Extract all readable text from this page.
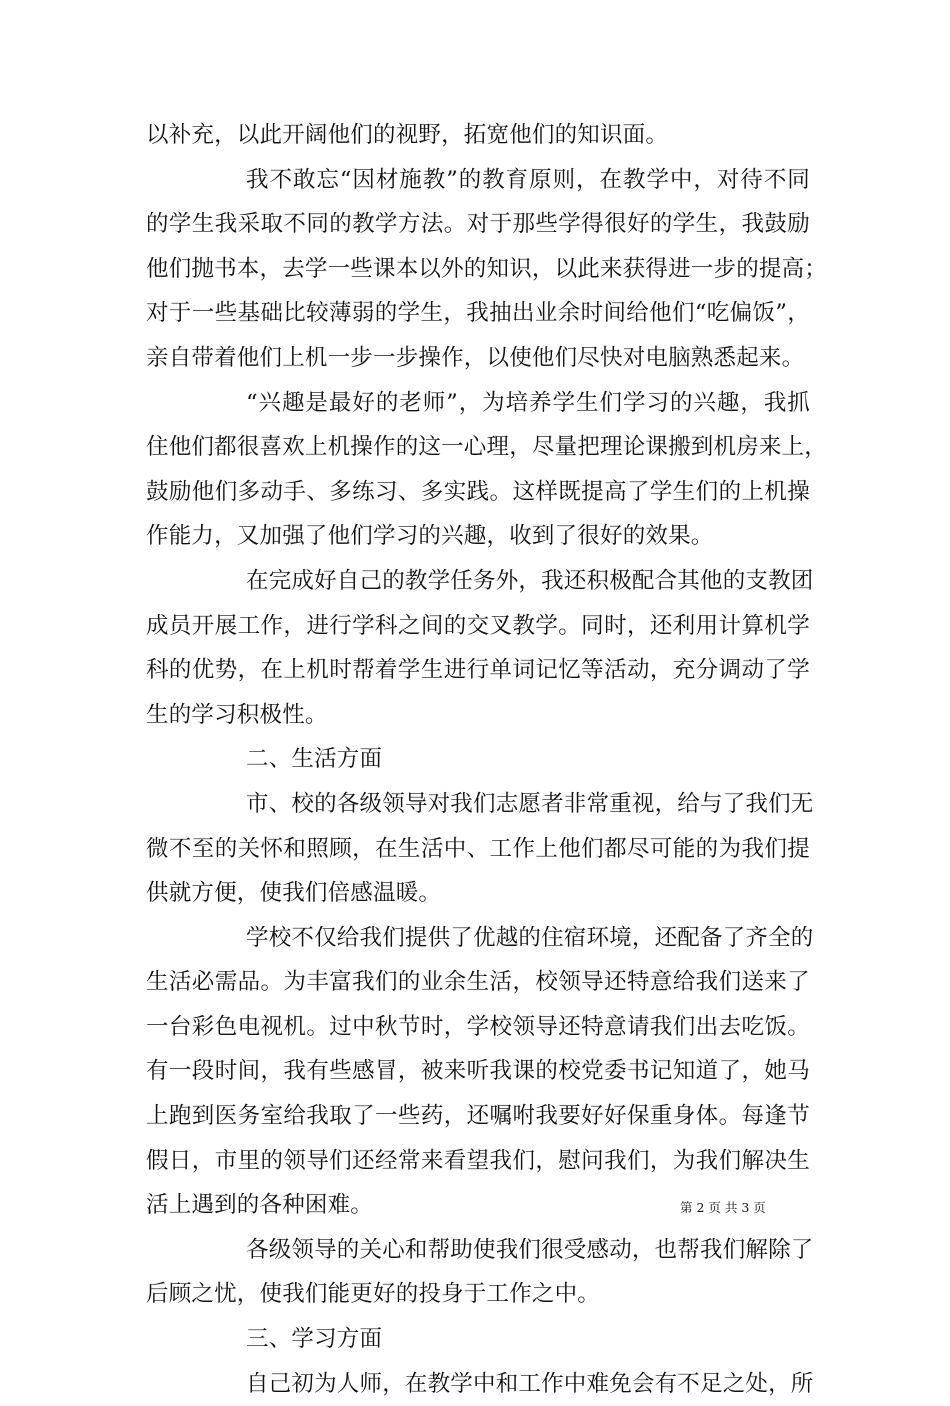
以补充，以此开阔他们的视野，拓宽他们的知识面。
我不敢忘“因材施教”的教育原则，在教学中，对待不同
的学生我采取不同的教学方法。对于那些学得很好的学生，我鼓励
他们抛书本，去学一些课本以外的知识，以此来获得进一步的提高；
对于一些基础比较薄弱的学生，我抽出业余时间给他们“吃偏饭”，
亲自带着他们上机一步一步操作，以使他们尽快对电脑熟悉起来。
“兴趣是最好的老师”，为培养学生们学习的兴趣，我抓
住他们都很喜欢上机操作的这一心理，尽量把理论课搬到机房来上，
鼓励他们多动手、多练习、多实践。这样既提高了学生们的上机操
作能力，又加强了他们学习的兴趣，收到了很好的效果。
在完成好自己的教学任务外，我还积极配合其他的支教团
成员开展工作，进行学科之间的交叉教学。同时，还利用计算机学
科的优势，在上机时帮着学生进行单词记忆等活动，充分调动了学
生的学习积极性。
二、生活方面
市、校的各级领导对我们志愿者非常重视，给与了我们无
微不至的关怀和照顾，在生活中、工作上他们都尽可能的为我们提
供就方便，使我们倍感温暖。
学校不仅给我们提供了优越的住宿环境，还配备了齐全的
生活必需品。为丰富我们的业余生活，校领导还特意给我们送来了
一台彩色电视机。过中秋节时，学校领导还特意请我们出去吃饭。
有一段时间，我有些感冒，被来听我课的校党委书记知道了，她马
上跑到医务室给我取了一些药，还嘱咐我要好好保重身体。每逢节
假日，市里的领导们还经常来看望我们，慰问我们，为我们解决生
活上遇到的各种困难。
各级领导的关心和帮助使我们很受感动，也帮我们解除了
后顾之忧，使我们能更好的投身于工作之中。
三、学习方面
自己初为人师，在教学中和工作中难免会有不足之处，所
第 2 页 共 3 页
